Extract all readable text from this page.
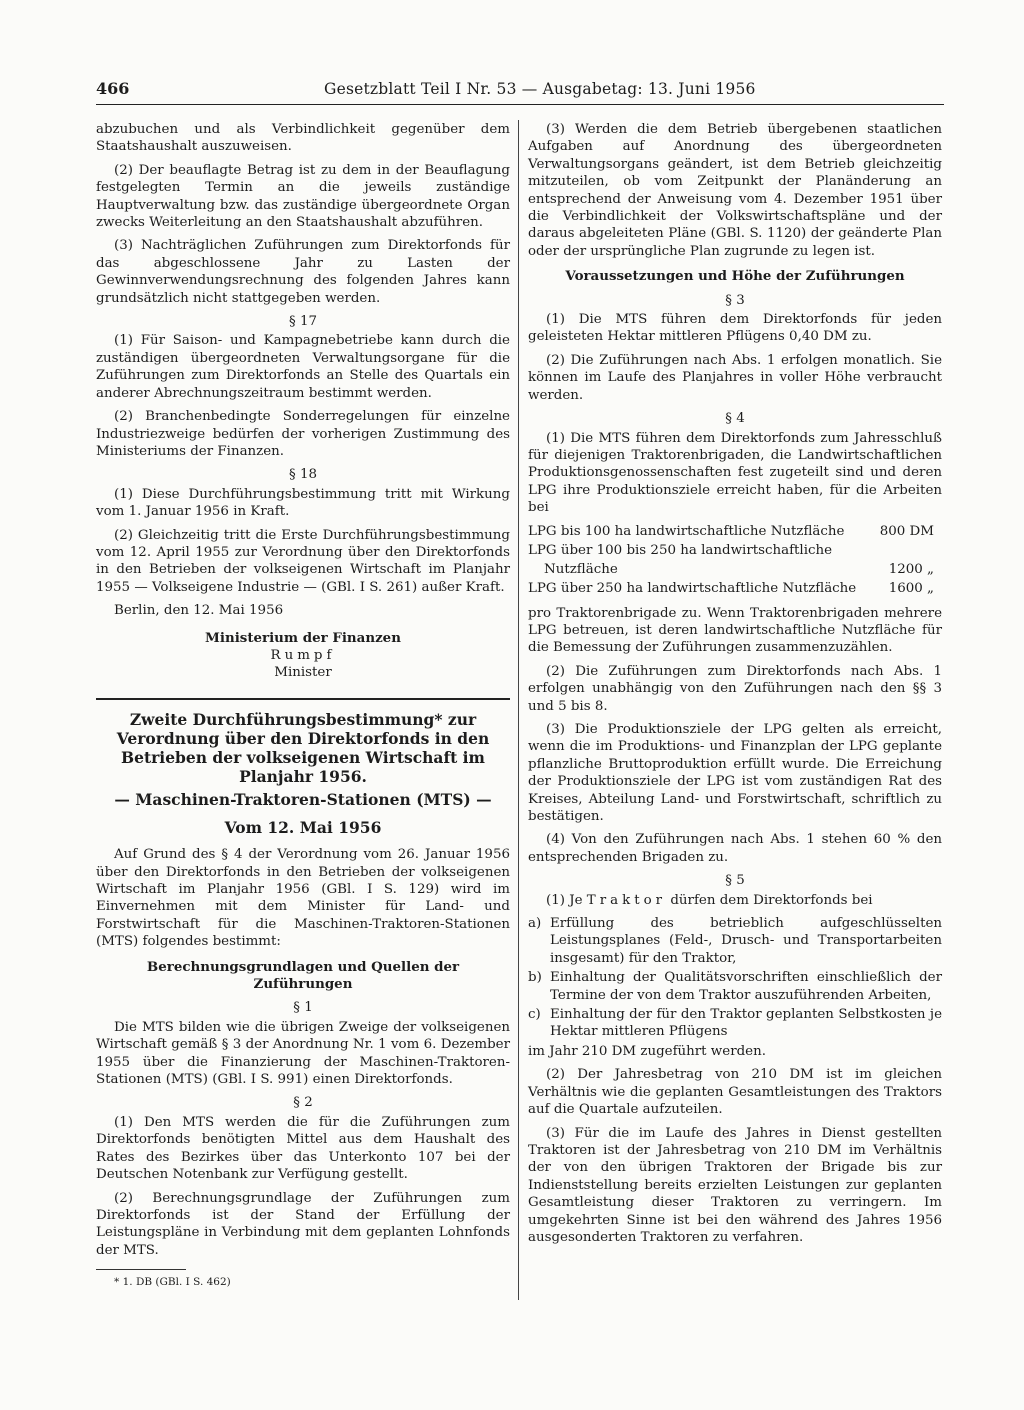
466	Gesetzblatt Teil I Nr. 53 — Ausgabetag: 13. Juni 1956

abzubuchen und als Verbindlichkeit gegenüber dem Staatshaushalt auszuweisen.

(2) Der beauflagte Betrag ist zu dem in der Beauflagung festgelegten Termin an die jeweils zuständige Hauptverwaltung bzw. das zuständige übergeordnete Organ zwecks Weiterleitung an den Staatshaushalt abzuführen.

(3) Nachträglichen Zuführungen zum Direktorfonds für das abgeschlossene Jahr zu Lasten der Gewinnverwendungsrechnung des folgenden Jahres kann grundsätzlich nicht stattgegeben werden.

§ 17

(1) Für Saison- und Kampagnebetriebe kann durch die zuständigen übergeordneten Verwaltungsorgane für die Zuführungen zum Direktorfonds an Stelle des Quartals ein anderer Abrechnungszeitraum bestimmt werden.

(2) Branchenbedingte Sonderregelungen für einzelne Industriezweige bedürfen der vorherigen Zustimmung des Ministeriums der Finanzen.

§ 18

(1) Diese Durchführungsbestimmung tritt mit Wirkung vom 1. Januar 1956 in Kraft.

(2) Gleichzeitig tritt die Erste Durchführungsbestimmung vom 12. April 1955 zur Verordnung über den Direktorfonds in den Betrieben der volkseigenen Wirtschaft im Planjahr 1955 — Volkseigene Industrie — (GBl. I S. 261) außer Kraft.

Berlin, den 12. Mai 1956

Ministerium der Finanzen
Rumpf
Minister

Zweite Durchführungsbestimmung* zur Verordnung über den Direktorfonds in den Betrieben der volkseigenen Wirtschaft im Planjahr 1956.

— Maschinen-Traktoren-Stationen (MTS) —

Vom 12. Mai 1956

Auf Grund des § 4 der Verordnung vom 26. Januar 1956 über den Direktorfonds in den Betrieben der volkseigenen Wirtschaft im Planjahr 1956 (GBl. I S. 129) wird im Einvernehmen mit dem Minister für Land- und Forstwirtschaft für die Maschinen-Traktoren-Stationen (MTS) folgendes bestimmt:

Berechnungsgrundlagen und Quellen der Zuführungen
§ 1

Die MTS bilden wie die übrigen Zweige der volkseigenen Wirtschaft gemäß § 3 der Anordnung Nr. 1 vom 6. Dezember 1955 über die Finanzierung der Maschinen-Traktoren-Stationen (MTS) (GBl. I S. 991) einen Direktorfonds.

§ 2

(1) Den MTS werden die für die Zuführungen zum Direktorfonds benötigten Mittel aus dem Haushalt des Rates des Bezirkes über das Unterkonto 107 bei der Deutschen Notenbank zur Verfügung gestellt.

(2) Berechnungsgrundlage der Zuführungen zum Direktorfonds ist der Stand der Erfüllung der Leistungspläne in Verbindung mit dem geplanten Lohnfonds der MTS.

* 1. DB (GBl. I S. 462)

(3) Werden die dem Betrieb übergebenen staatlichen Aufgaben auf Anordnung des übergeordneten Verwaltungsorgans geändert, ist dem Betrieb gleichzeitig mitzuteilen, ob vom Zeitpunkt der Planänderung an entsprechend der Anweisung vom 4. Dezember 1951 über die Verbindlichkeit der Volkswirtschaftspläne und der daraus abgeleiteten Pläne (GBl. S. 1120) der geänderte Plan oder der ursprüngliche Plan zugrunde zu legen ist.

Voraussetzungen und Höhe der Zuführungen
§ 3

(1) Die MTS führen dem Direktorfonds für jeden geleisteten Hektar mittleren Pflügens 0,40 DM zu.

(2) Die Zuführungen nach Abs. 1 erfolgen monatlich. Sie können im Laufe des Planjahres in voller Höhe verbraucht werden.

§ 4

(1) Die MTS führen dem Direktorfonds zum Jahresschluß für diejenigen Traktorenbrigaden, die Landwirtschaftlichen Produktionsgenossenschaften fest zugeteilt sind und deren LPG ihre Produktionsziele erreicht haben, für die Arbeiten bei

LPG bis 100 ha landwirtschaftliche Nutzfläche	800 DM
LPG über 100 bis 250 ha landwirtschaftliche
Nutzfläche	1200 „
LPG über 250 ha landwirtschaftliche Nutzfläche 1600 „

pro Traktorenbrigade zu. Wenn Traktorenbrigaden mehrere LPG betreuen, ist deren landwirtschaftliche Nutzfläche für die Bemessung der Zuführungen zusammenzuzählen.

(2) Die Zuführungen zum Direktorfonds nach Abs. 1 erfolgen unabhängig von den Zuführungen nach den §§ 3 und 5 bis 8.

(3) Die Produktionsziele der LPG gelten als erreicht, wenn die im Produktions- und Finanzplan der LPG geplante pflanzliche Bruttoproduktion erfüllt wurde. Die Erreichung der Produktionsziele der LPG ist vom zuständigen Rat des Kreises, Abteilung Land- und Forstwirtschaft, schriftlich zu bestätigen.

(4) Von den Zuführungen nach Abs. 1 stehen 60 % den entsprechenden Brigaden zu.

§ 5

(1) Je Traktor dürfen dem Direktorfonds bei

a) Erfüllung des betrieblich aufgeschlüsselten Leistungsplanes (Feld-, Drusch- und Transportarbeiten insgesamt) für den Traktor,
b) Einhaltung der Qualitätsvorschriften einschließlich der Termine der von dem Traktor auszuführenden Arbeiten,
c) Einhaltung der für den Traktor geplanten Selbstkosten je Hektar mittleren Pflügens

im Jahr 210 DM zugeführt werden.

(2) Der Jahresbetrag von 210 DM ist im gleichen Verhältnis wie die geplanten Gesamtleistungen des Traktors auf die Quartale aufzuteilen.

(3) Für die im Laufe des Jahres in Dienst gestellten Traktoren ist der Jahresbetrag von 210 DM im Verhältnis der von den übrigen Traktoren der Brigade bis zur Indienststellung bereits erzielten Leistungen zur geplanten Gesamtleistung dieser Traktoren zu verringern. Im umgekehrten Sinne ist bei den während des Jahres 1956 ausgesonderten Traktoren zu verfahren.
